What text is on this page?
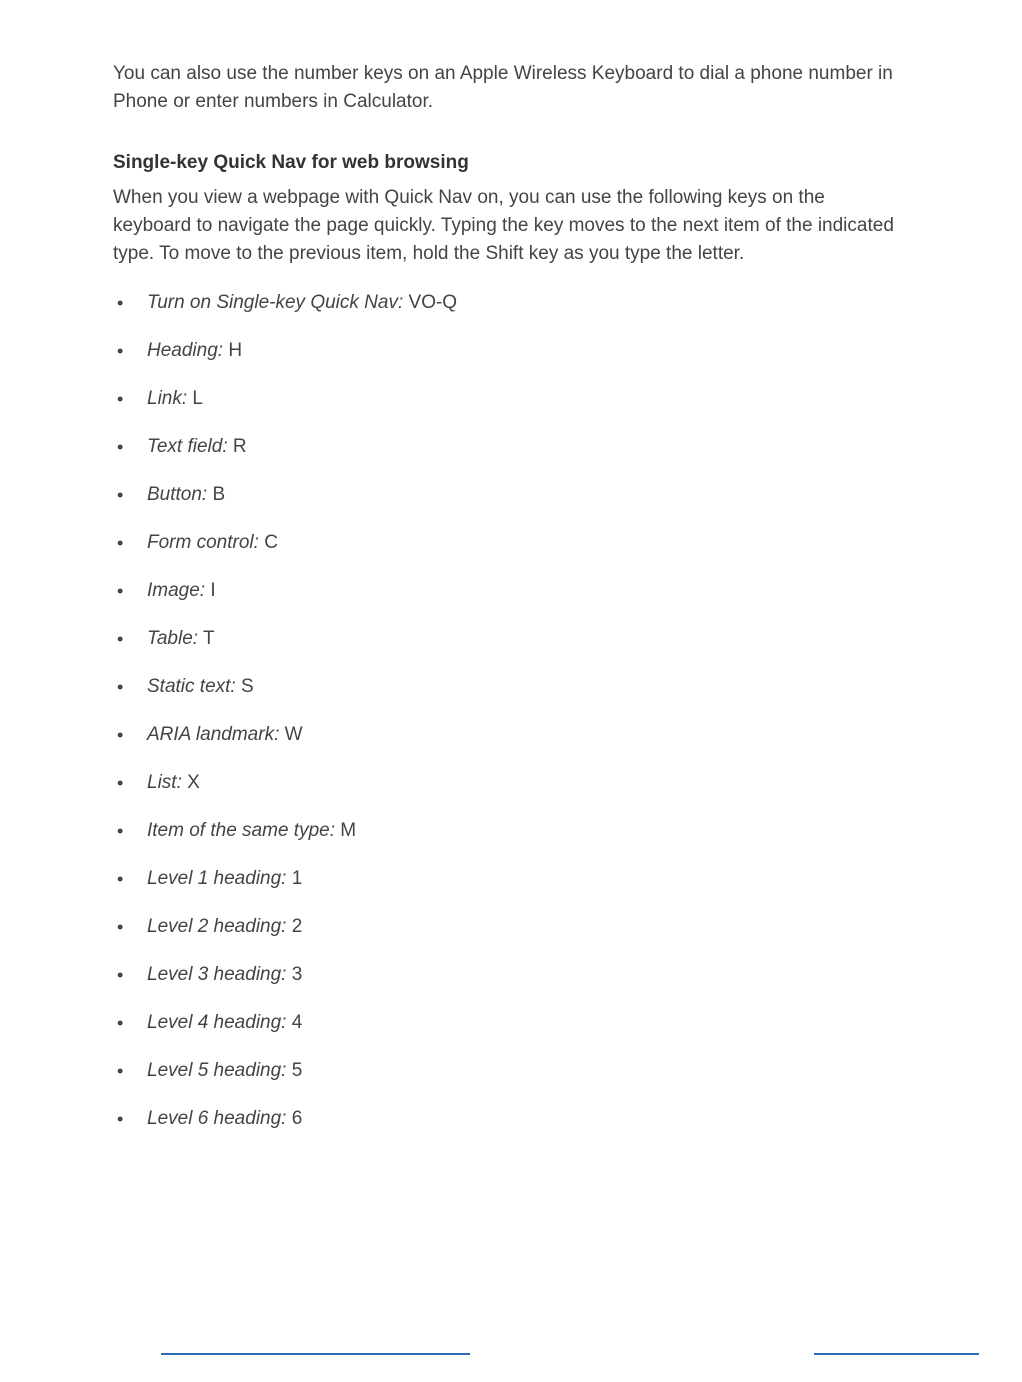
You can also use the number keys on an Apple Wireless Keyboard to dial a phone number in Phone or enter numbers in Calculator.

Single-key Quick Nav for web browsing

When you view a webpage with Quick Nav on, you can use the following keys on the keyboard to navigate the page quickly. Typing the key moves to the next item of the indicated type. To move to the previous item, hold the Shift key as you type the letter.

• Turn on Single-key Quick Nav: VO-Q
• Heading: H
• Link: L
• Text field: R
• Button: B
• Form control: C
• Image: I
• Table: T
• Static text: S
• ARIA landmark: W
• List: X
• Item of the same type: M
• Level 1 heading: 1
• Level 2 heading: 2
• Level 3 heading: 3
• Level 4 heading: 4
• Level 5 heading: 5
• Level 6 heading: 6
